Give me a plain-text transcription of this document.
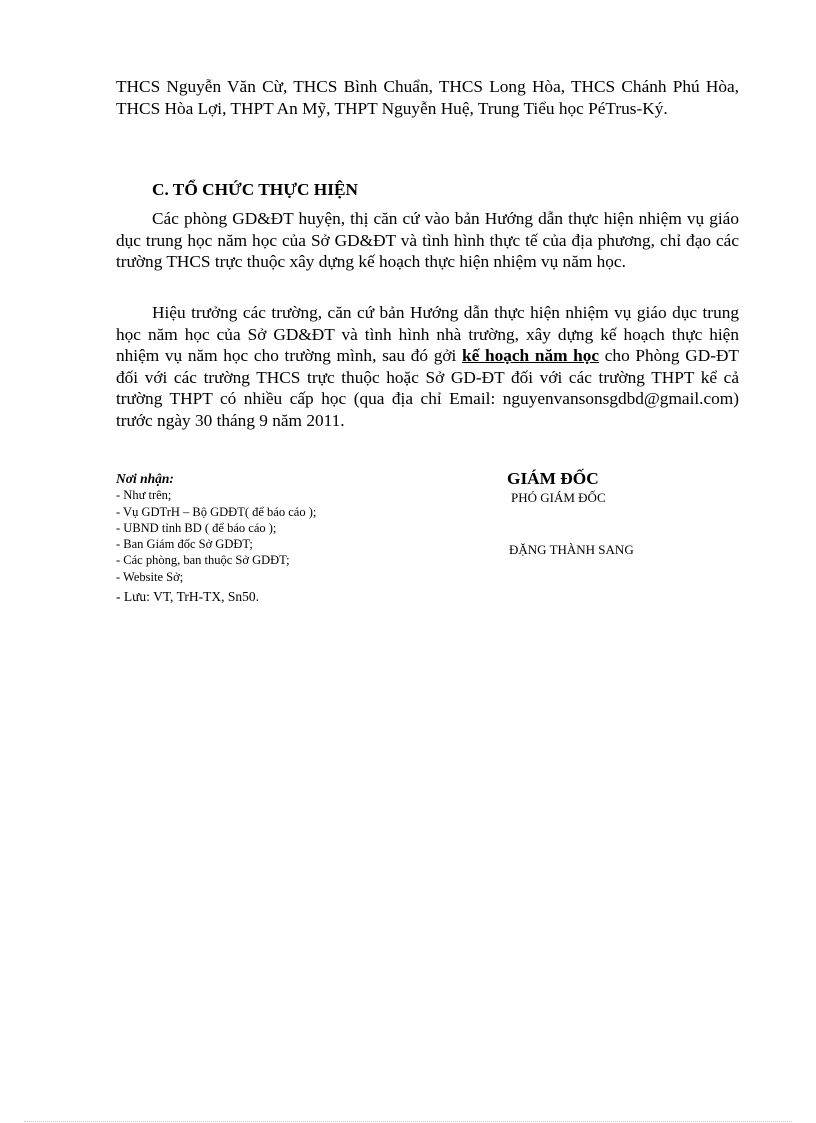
THCS Nguyễn Văn Cừ, THCS Bình Chuẩn, THCS Long Hòa, THCS Chánh Phú Hòa, THCS Hòa Lợi, THPT An Mỹ, THPT Nguyễn Huệ, Trung Tiểu học PéTrus-Ký.
C. TỔ CHỨC THỰC HIỆN
Các phòng GD&ĐT huyện, thị căn cứ vào bản Hướng dẫn thực hiện nhiệm vụ giáo dục trung học năm học của Sở GD&ĐT và tình hình thực tế của địa phương, chỉ đạo các trường THCS trực thuộc xây dựng kế hoạch thực hiện nhiệm vụ năm học.
Hiệu trưởng các trường, căn cứ bản Hướng dẫn thực hiện nhiệm vụ giáo dục trung học năm học của Sở GD&ĐT và tình hình nhà trường, xây dựng kế hoạch thực hiện nhiệm vụ năm học cho trường mình, sau đó gởi kế hoạch năm học cho Phòng GD-ĐT đối với các trường THCS trực thuộc hoặc Sở GD-ĐT đối với các trường THPT kể cả trường THPT có nhiều cấp học (qua địa chỉ Email: nguyenvansonsgdbd@gmail.com) trước ngày 30 tháng 9 năm 2011.
Nơi nhận:
- Như trên;
- Vụ GDTrH – Bộ GDĐT( để báo cáo );
- UBND tỉnh BD ( để báo cáo );
- Ban Giám đốc Sở GDĐT;
- Các phòng, ban thuộc Sở GDĐT;
- Website Sở;
- Lưu: VT, TrH-TX, Sn50.
GIÁM ĐỐC
PHÓ GIÁM ĐỐC
ĐẶNG THÀNH SANG
